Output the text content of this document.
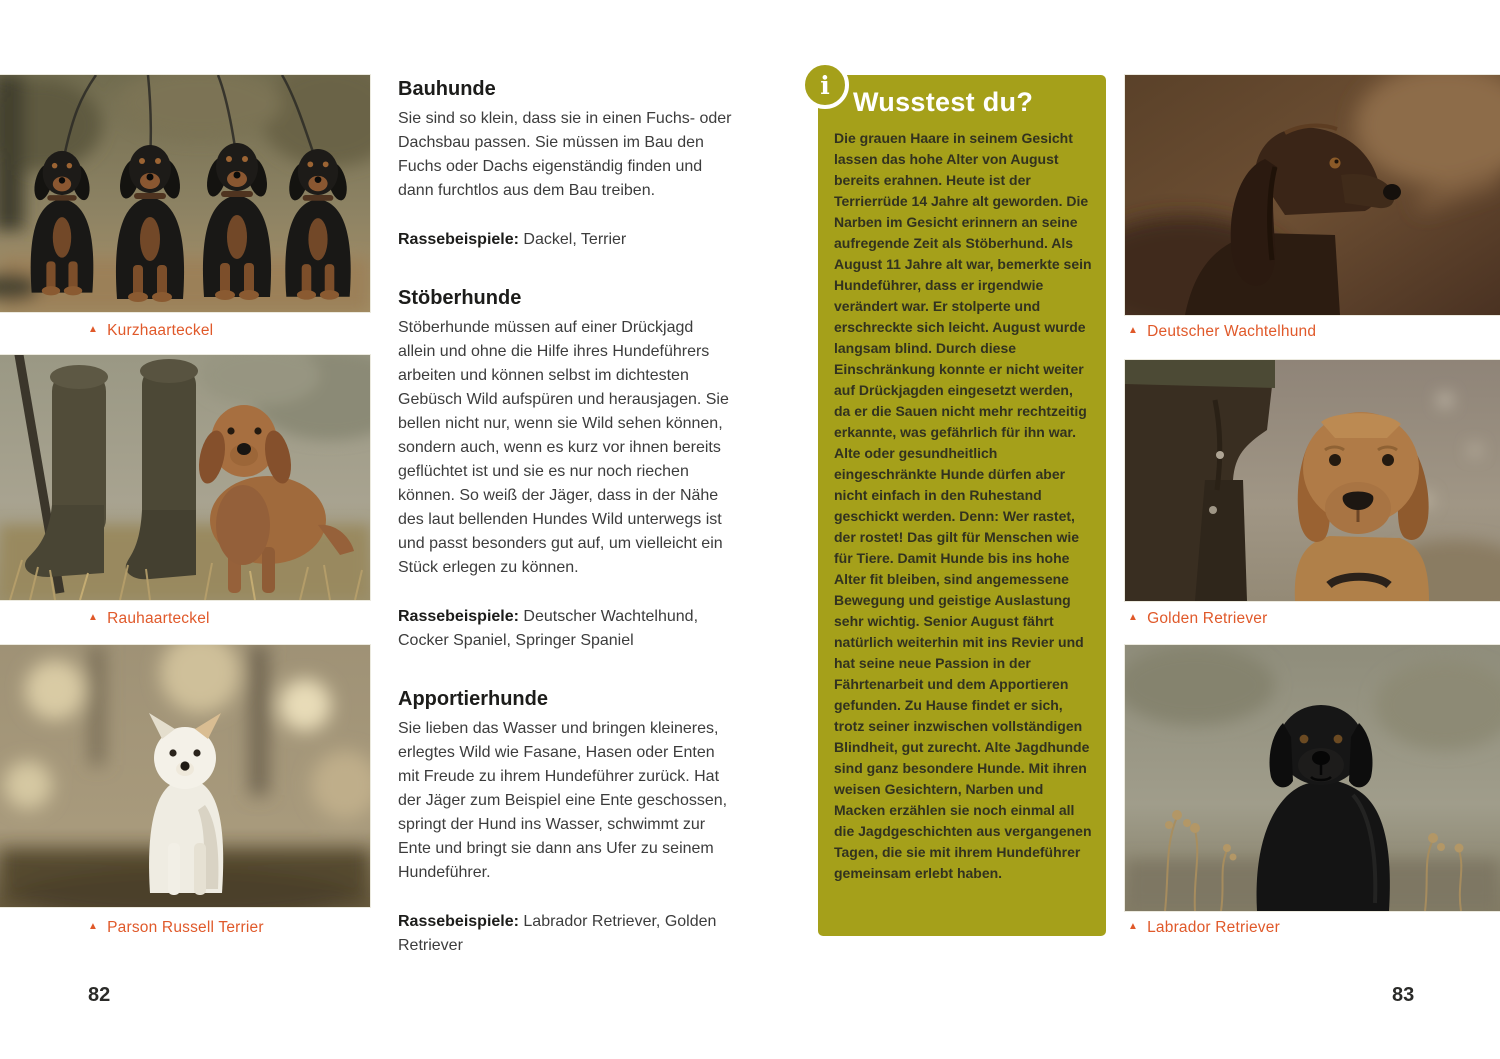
▲ Kurzhaarteckel
▲ Rauhaarteckel
▲ Parson Russell Terrier
Bauhunde

Sie sind so klein, dass sie in einen Fuchs- oder Dachsbau passen. Sie müssen im Bau den Fuchs oder Dachs eigenständig finden und dann furchtlos aus dem Bau treiben.

Rassebeispiele: Dackel, Terrier

Stöberhunde

Stöberhunde müssen auf einer Drückjagd allein und ohne die Hilfe ihres Hundeführers arbeiten und können selbst im dichtesten Gebüsch Wild aufspüren und herausjagen. Sie bellen nicht nur, wenn sie Wild sehen können, sondern auch, wenn es kurz vor ihnen bereits geflüchtet ist und sie es nur noch riechen können. So weiß der Jäger, dass in der Nähe des laut bellenden Hundes Wild unterwegs ist und passt besonders gut auf, um vielleicht ein Stück erlegen zu können.

Rassebeispiele: Deutscher Wachtelhund, Cocker Spaniel, Springer Spaniel

Apportierhunde

Sie lieben das Wasser und bringen kleineres, erlegtes Wild wie Fasane, Hasen oder Enten mit Freude zu ihrem Hundeführer zurück. Hat der Jäger zum Beispiel eine Ente geschossen, springt der Hund ins Wasser, schwimmt zur Ente und bringt sie dann ans Ufer zu seinem Hundeführer.

Rassebeispiele: Labrador Retriever, Golden Retriever

i
Wusstest du?

Die grauen Haare in seinem Gesicht lassen das hohe Alter von August bereits erahnen. Heute ist der Terrierrüde 14 Jahre alt geworden. Die Narben im Gesicht erinnern an seine aufregende Zeit als Stöberhund. Als August 11 Jahre alt war, bemerkte sein Hundeführer, dass er irgendwie verändert war. Er stolperte und erschreckte sich leicht. August wurde langsam blind. Durch diese Einschränkung konnte er nicht weiter auf Drückjagden eingesetzt werden, da er die Sauen nicht mehr rechtzeitig erkannte, was gefährlich für ihn war. Alte oder gesundheitlich eingeschränkte Hunde dürfen aber nicht einfach in den Ruhestand geschickt werden. Denn: Wer rastet, der rostet! Das gilt für Menschen wie für Tiere. Damit Hunde bis ins hohe Alter fit bleiben, sind angemessene Bewegung und geistige Auslastung sehr wichtig. Senior August fährt natürlich weiterhin mit ins Revier und hat seine neue Passion in der Fährtenarbeit und dem Apportieren gefunden. Zu Hause findet er sich, trotz seiner inzwischen vollständigen Blindheit, gut zurecht. Alte Jagdhunde sind ganz besondere Hunde. Mit ihren weisen Gesichtern, Narben und Macken erzählen sie noch einmal all die Jagdgeschichten aus vergangenen Tagen, die sie mit ihrem Hundeführer gemeinsam erlebt haben.

▲ Deutscher Wachtelhund
▲ Golden Retriever
▲ Labrador Retriever
82	83
